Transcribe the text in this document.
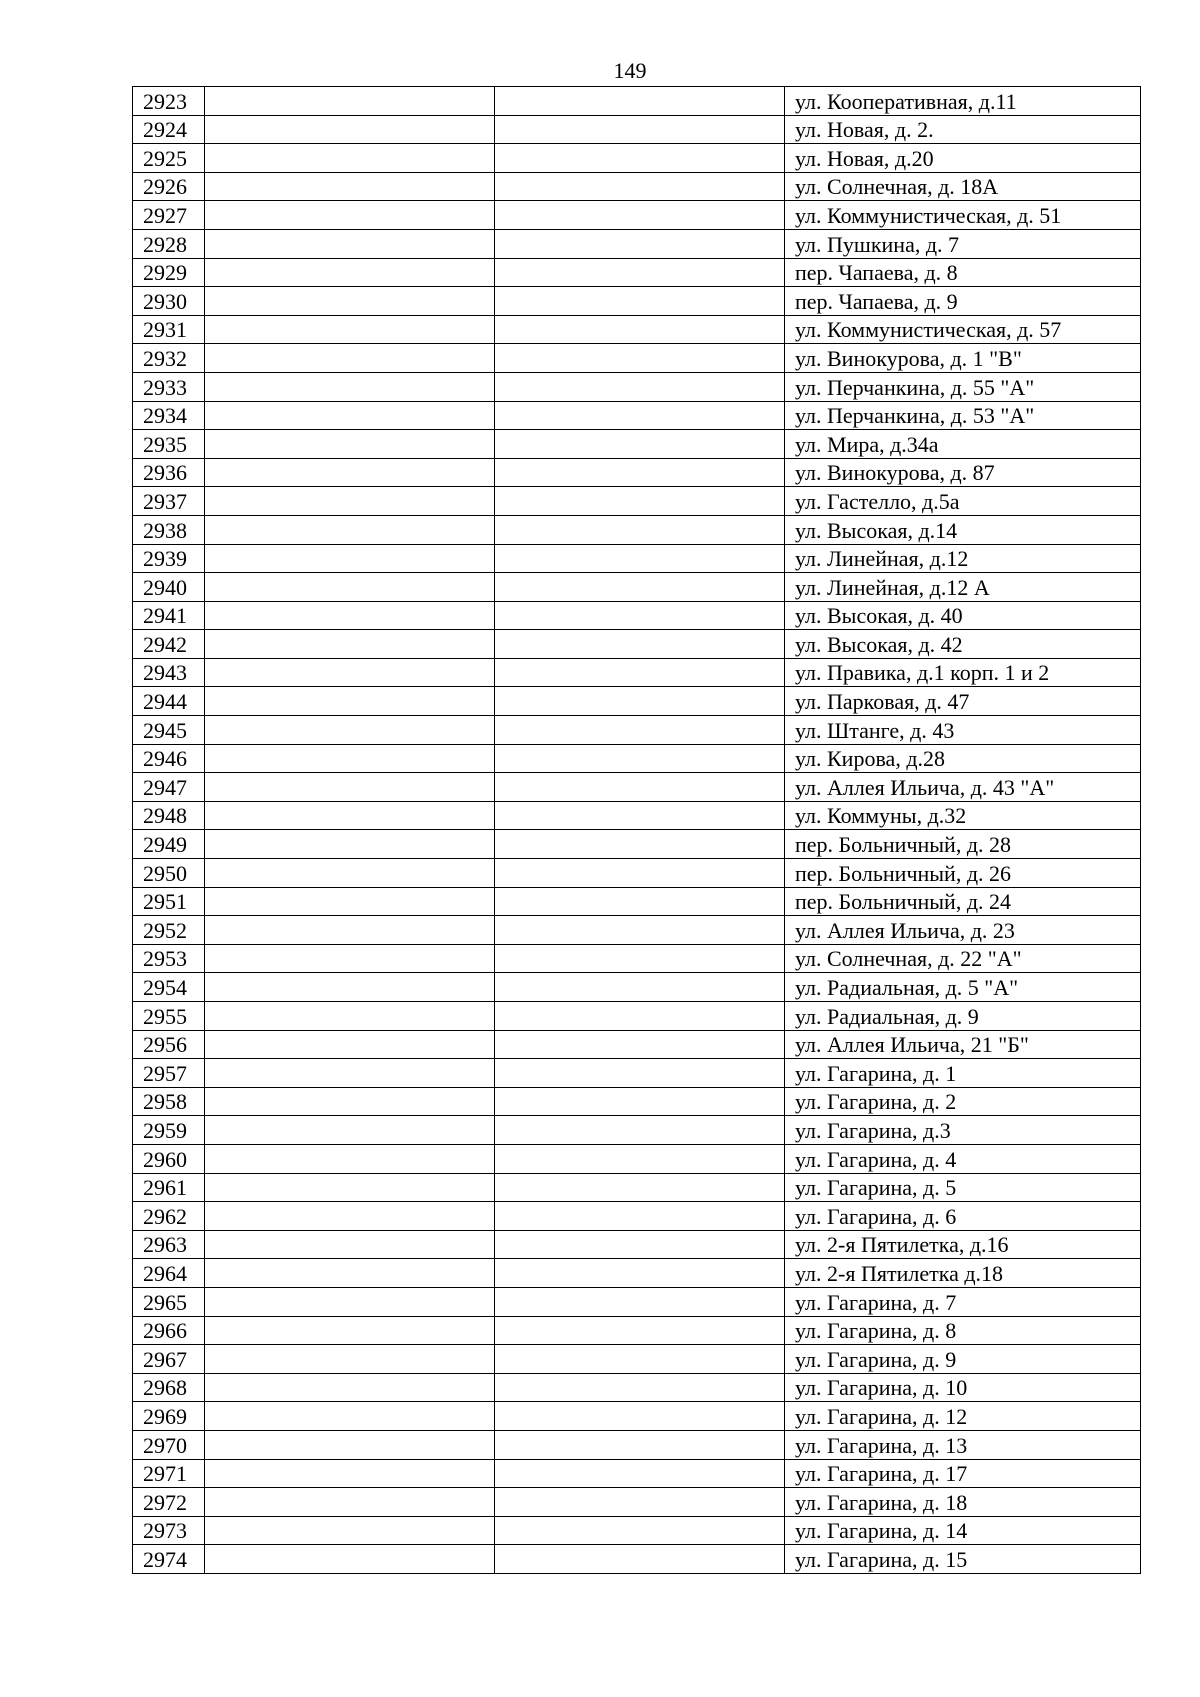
149
2923			ул. Кооперативная, д.11
2924			ул. Новая, д. 2.
2925			ул. Новая, д.20
2926			ул. Солнечная, д. 18А
2927			ул. Коммунистическая, д. 51
2928			ул. Пушкина, д. 7
2929			пер. Чапаева, д. 8
2930			пер. Чапаева, д. 9
2931			ул. Коммунистическая, д. 57
2932			ул. Винокурова, д. 1 "В"
2933			ул. Перчанкина, д. 55 "А"
2934			ул. Перчанкина, д. 53 "А"
2935			ул. Мира, д.34а
2936			ул. Винокурова, д. 87
2937			ул. Гастелло, д.5а
2938			ул. Высокая, д.14
2939			ул. Линейная, д.12
2940			ул. Линейная, д.12 А
2941			ул. Высокая, д. 40
2942			ул. Высокая, д. 42
2943			ул. Правика, д.1 корп. 1 и 2
2944			ул. Парковая, д. 47
2945			ул. Штанге, д. 43
2946			ул. Кирова, д.28
2947			ул. Аллея Ильича, д. 43 "А"
2948			ул. Коммуны, д.32
2949			пер. Больничный, д. 28
2950			пер. Больничный, д. 26
2951			пер. Больничный, д. 24
2952			ул. Аллея Ильича, д. 23
2953			ул. Солнечная, д. 22 "А"
2954			ул. Радиальная, д. 5 "А"
2955			ул. Радиальная, д. 9
2956			ул. Аллея Ильича, 21 "Б"
2957			ул. Гагарина, д. 1
2958			ул. Гагарина, д. 2
2959			ул. Гагарина, д.3
2960			ул. Гагарина, д. 4
2961			ул. Гагарина, д. 5
2962			ул. Гагарина, д. 6
2963			ул. 2-я Пятилетка, д.16
2964			ул. 2-я Пятилетка д.18
2965			ул. Гагарина, д. 7
2966			ул. Гагарина, д. 8
2967			ул. Гагарина, д. 9
2968			ул. Гагарина, д. 10
2969			ул. Гагарина, д. 12
2970			ул. Гагарина, д. 13
2971			ул. Гагарина, д. 17
2972			ул. Гагарина, д. 18
2973			ул. Гагарина, д. 14
2974			ул. Гагарина, д. 15
